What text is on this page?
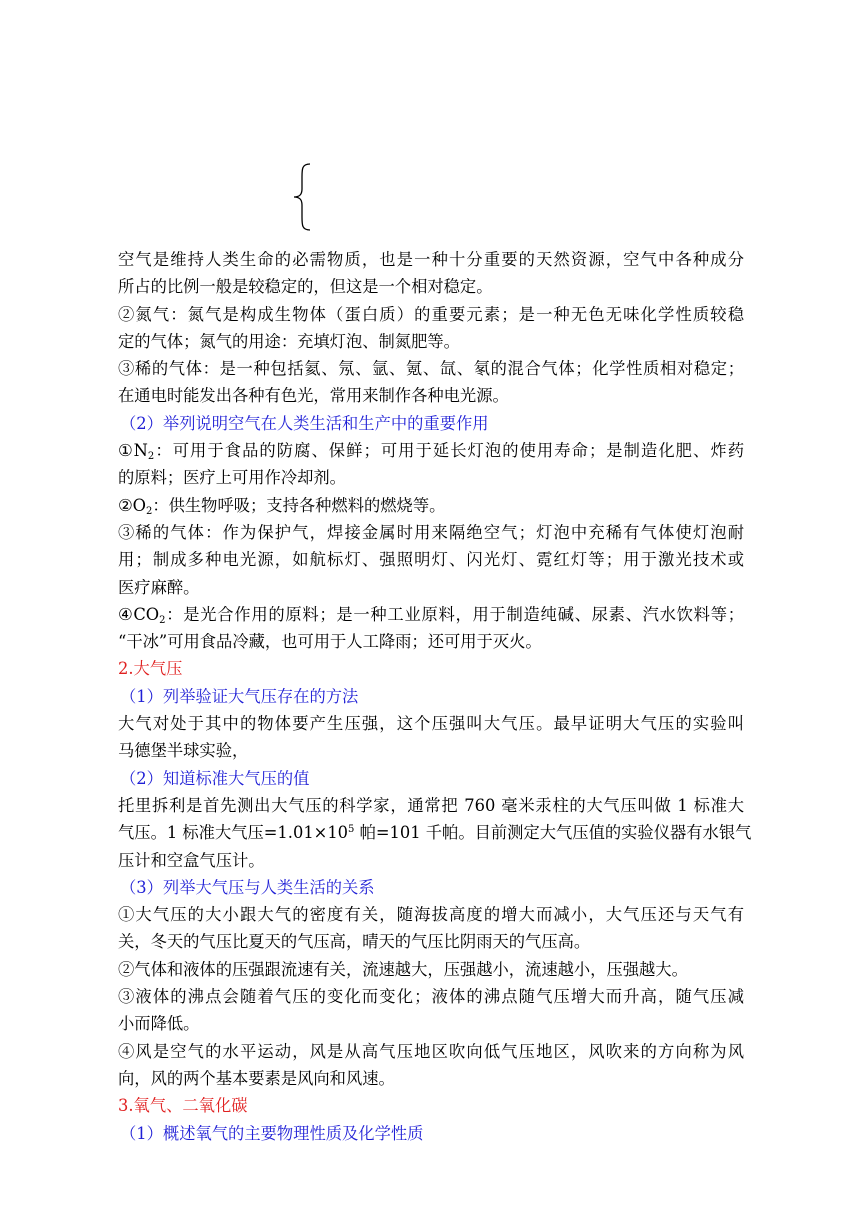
空气是维持人类生命的必需物质，也是一种十分重要的天然资源，空气中各种成分
所占的比例一般是较稳定的，但这是一个相对稳定。
②氮气：氮气是构成生物体（蛋白质）的重要元素；是一种无色无味化学性质较稳
定的气体；氮气的用途：充填灯泡、制氮肥等。
③稀的气体：是一种包括氦、氖、氩、氪、氙、氡的混合气体；化学性质相对稳定；
在通电时能发出各种有色光，常用来制作各种电光源。
（2）举列说明空气在人类生活和生产中的重要作用
$①N_2$：可用于食品的防腐、保鲜；可用于延长灯泡的使用寿命；是制造化肥、炸药
的原料；医疗上可用作冷却剂。
$②O_2$：供生物呼吸；支持各种燃料的燃烧等。
③稀的气体：作为保护气，焊接金属时用来隔绝空气；灯泡中充稀有气体使灯泡耐
用；制成多种电光源，如航标灯、强照明灯、闪光灯、霓红灯等；用于激光技术或
医疗麻醉。
$④CO_2$：是光合作用的原料；是一种工业原料，用于制造纯碱、尿素、汽水饮料等；
“干冰”可用食品冷藏，也可用于人工降雨；还可用于灭火。
2.大气压
（1）列举验证大气压存在的方法
大气对处于其中的物体要产生压强，这个压强叫大气压。最早证明大气压的实验叫
马德堡半球实验，
（2）知道标准大气压的值
托里拆利是首先测出大气压的科学家，通常把 760 毫米汞柱的大气压叫做 1 标准大
气压。1 标准大气压$=1.01\times 10^5$ 帕=101 千帕。目前测定大气压值的实验仪器有水银气
压计和空盒气压计。
（3）列举大气压与人类生活的关系
①大气压的大小跟大气的密度有关，随海拔高度的增大而减小，大气压还与天气有
关，冬天的气压比夏天的气压高，晴天的气压比阴雨天的气压高。
②气体和液体的压强跟流速有关，流速越大，压强越小，流速越小，压强越大。
③液体的沸点会随着气压的变化而变化；液体的沸点随气压增大而升高，随气压减
小而降低。
④风是空气的水平运动，风是从高气压地区吹向低气压地区，风吹来的方向称为风
向，风的两个基本要素是风向和风速。
3.氧气、二氧化碳
（1）概述氧气的主要物理性质及化学性质
